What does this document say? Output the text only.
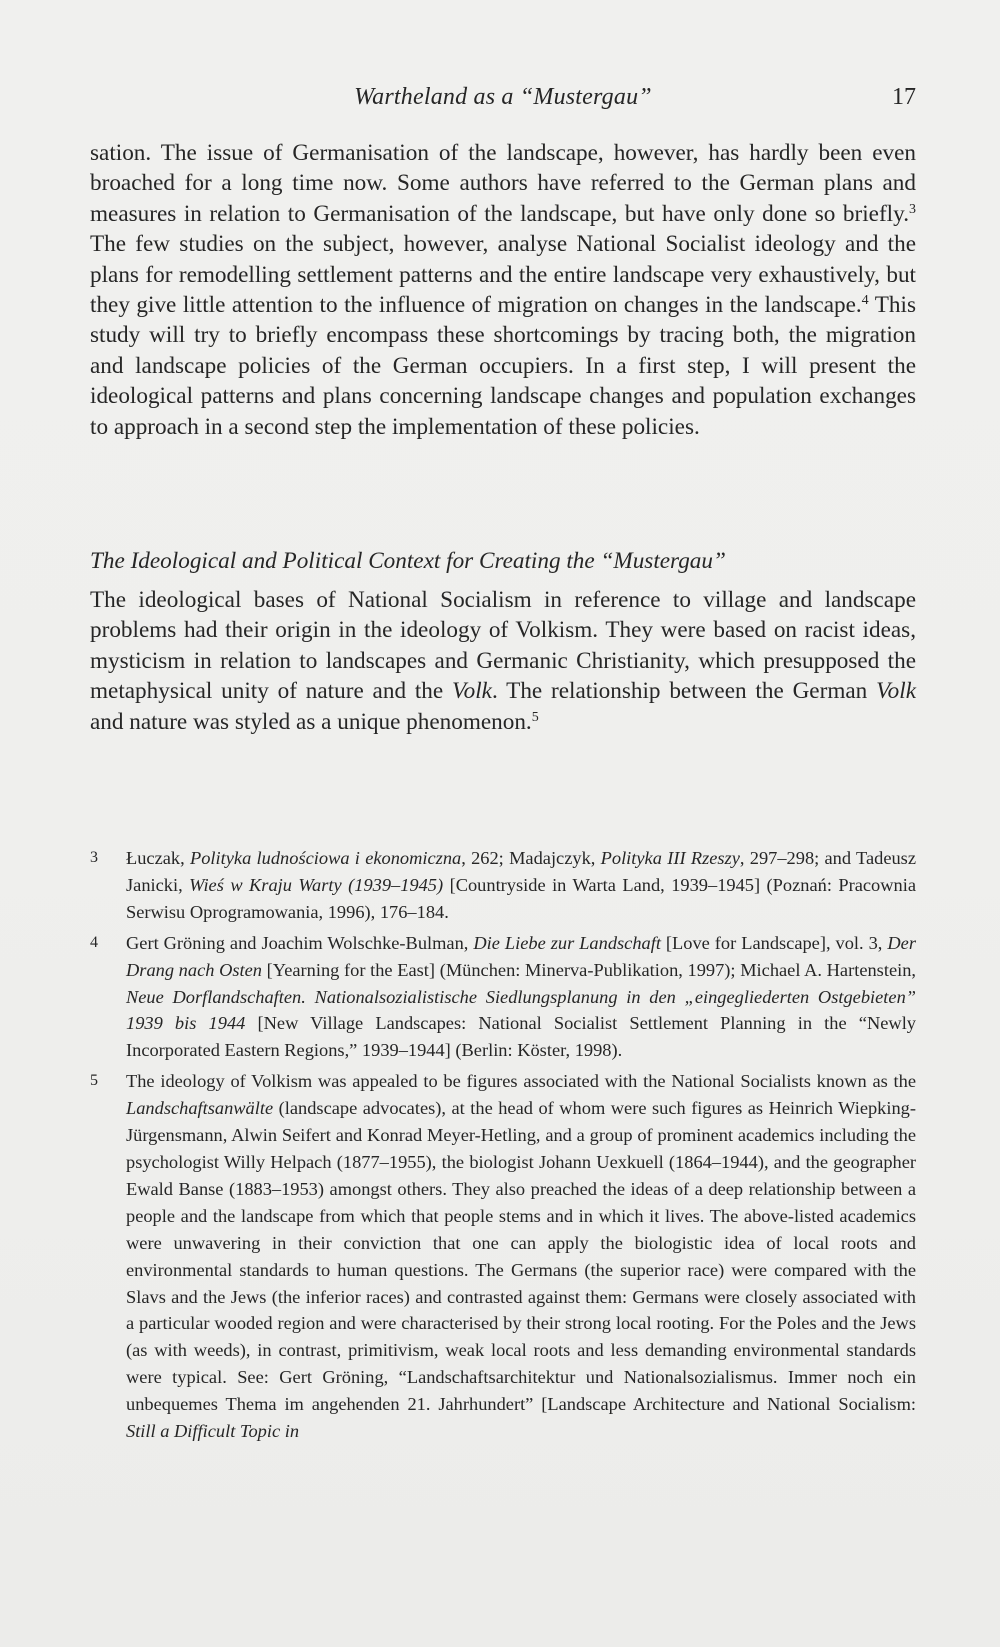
Wartheland as a “Mustergau”	17

sation. The issue of Germanisation of the landscape, however, has hardly been even broached for a long time now. Some authors have referred to the German plans and measures in relation to Germanisation of the landscape, but have only done so briefly.$^3$ The few studies on the subject, however, analyse National Socialist ideology and the plans for remodelling settlement patterns and the entire landscape very exhaustively, but they give little attention to the influence of migration on changes in the landscape.$^4$ This study will try to briefly encompass these shortcomings by tracing both, the migration and landscape policies of the German occupiers. In a first step, I will present the ideological patterns and plans concerning landscape changes and population exchanges to approach in a second step the implementation of these policies.

The Ideological and Political Context for Creating the “Mustergau”

The ideological bases of National Socialism in reference to village and landscape problems had their origin in the ideology of Volkism. They were based on racist ideas, mysticism in relation to landscapes and Germanic Christianity, which presupposed the metaphysical unity of nature and the Volk. The relationship between the German Volk and nature was styled as a unique phenomenon.$^5$

3 Łuczak, Polityka ludnościowa i ekonomiczna, 262; Madajczyk, Polityka III Rzeszy, 297–298; and Tadeusz Janicki, Wieś w Kraju Warty (1939–1945) [Countryside in Warta Land, 1939–1945] (Poznań: Pracownia Serwisu Oprogramowania, 1996), 176–184.

4 Gert Gröning and Joachim Wolschke-Bulman, Die Liebe zur Landschaft [Love for Landscape], vol. 3, Der Drang nach Osten [Yearning for the East] (München: Minerva-Publikation, 1997); Michael A. Hartenstein, Neue Dorflandschaften. Nationalsozialistische Siedlungsplanung in den „eingegliederten Ostgebieten” 1939 bis 1944 [New Village Landscapes: National Socialist Settlement Planning in the “Newly Incorporated Eastern Regions,” 1939–1944] (Berlin: Köster, 1998).

5 The ideology of Volkism was appealed to be figures associated with the National Socialists known as the Landschaftsanwälte (landscape advocates), at the head of whom were such figures as Heinrich Wiepking-Jürgensmann, Alwin Seifert and Konrad Meyer-Hetling, and a group of prominent academics including the psychologist Willy Helpach (1877–1955), the biologist Johann Uexkuell (1864–1944), and the geographer Ewald Banse (1883–1953) amongst others. They also preached the ideas of a deep relationship between a people and the landscape from which that people stems and in which it lives. The above-listed academics were unwavering in their conviction that one can apply the biologistic idea of local roots and environmental standards to human questions. The Germans (the superior race) were compared with the Slavs and the Jews (the inferior races) and contrasted against them: Germans were closely associated with a particular wooded region and were characterised by their strong local rooting. For the Poles and the Jews (as with weeds), in contrast, primitivism, weak local roots and less demanding environmental standards were typical. See: Gert Gröning, “Landschaftsarchitektur und Nationalsozialismus. Immer noch ein unbequemes Thema im angehenden 21. Jahrhundert” [Landscape Architecture and National Socialism: Still a Difficult Topic in
